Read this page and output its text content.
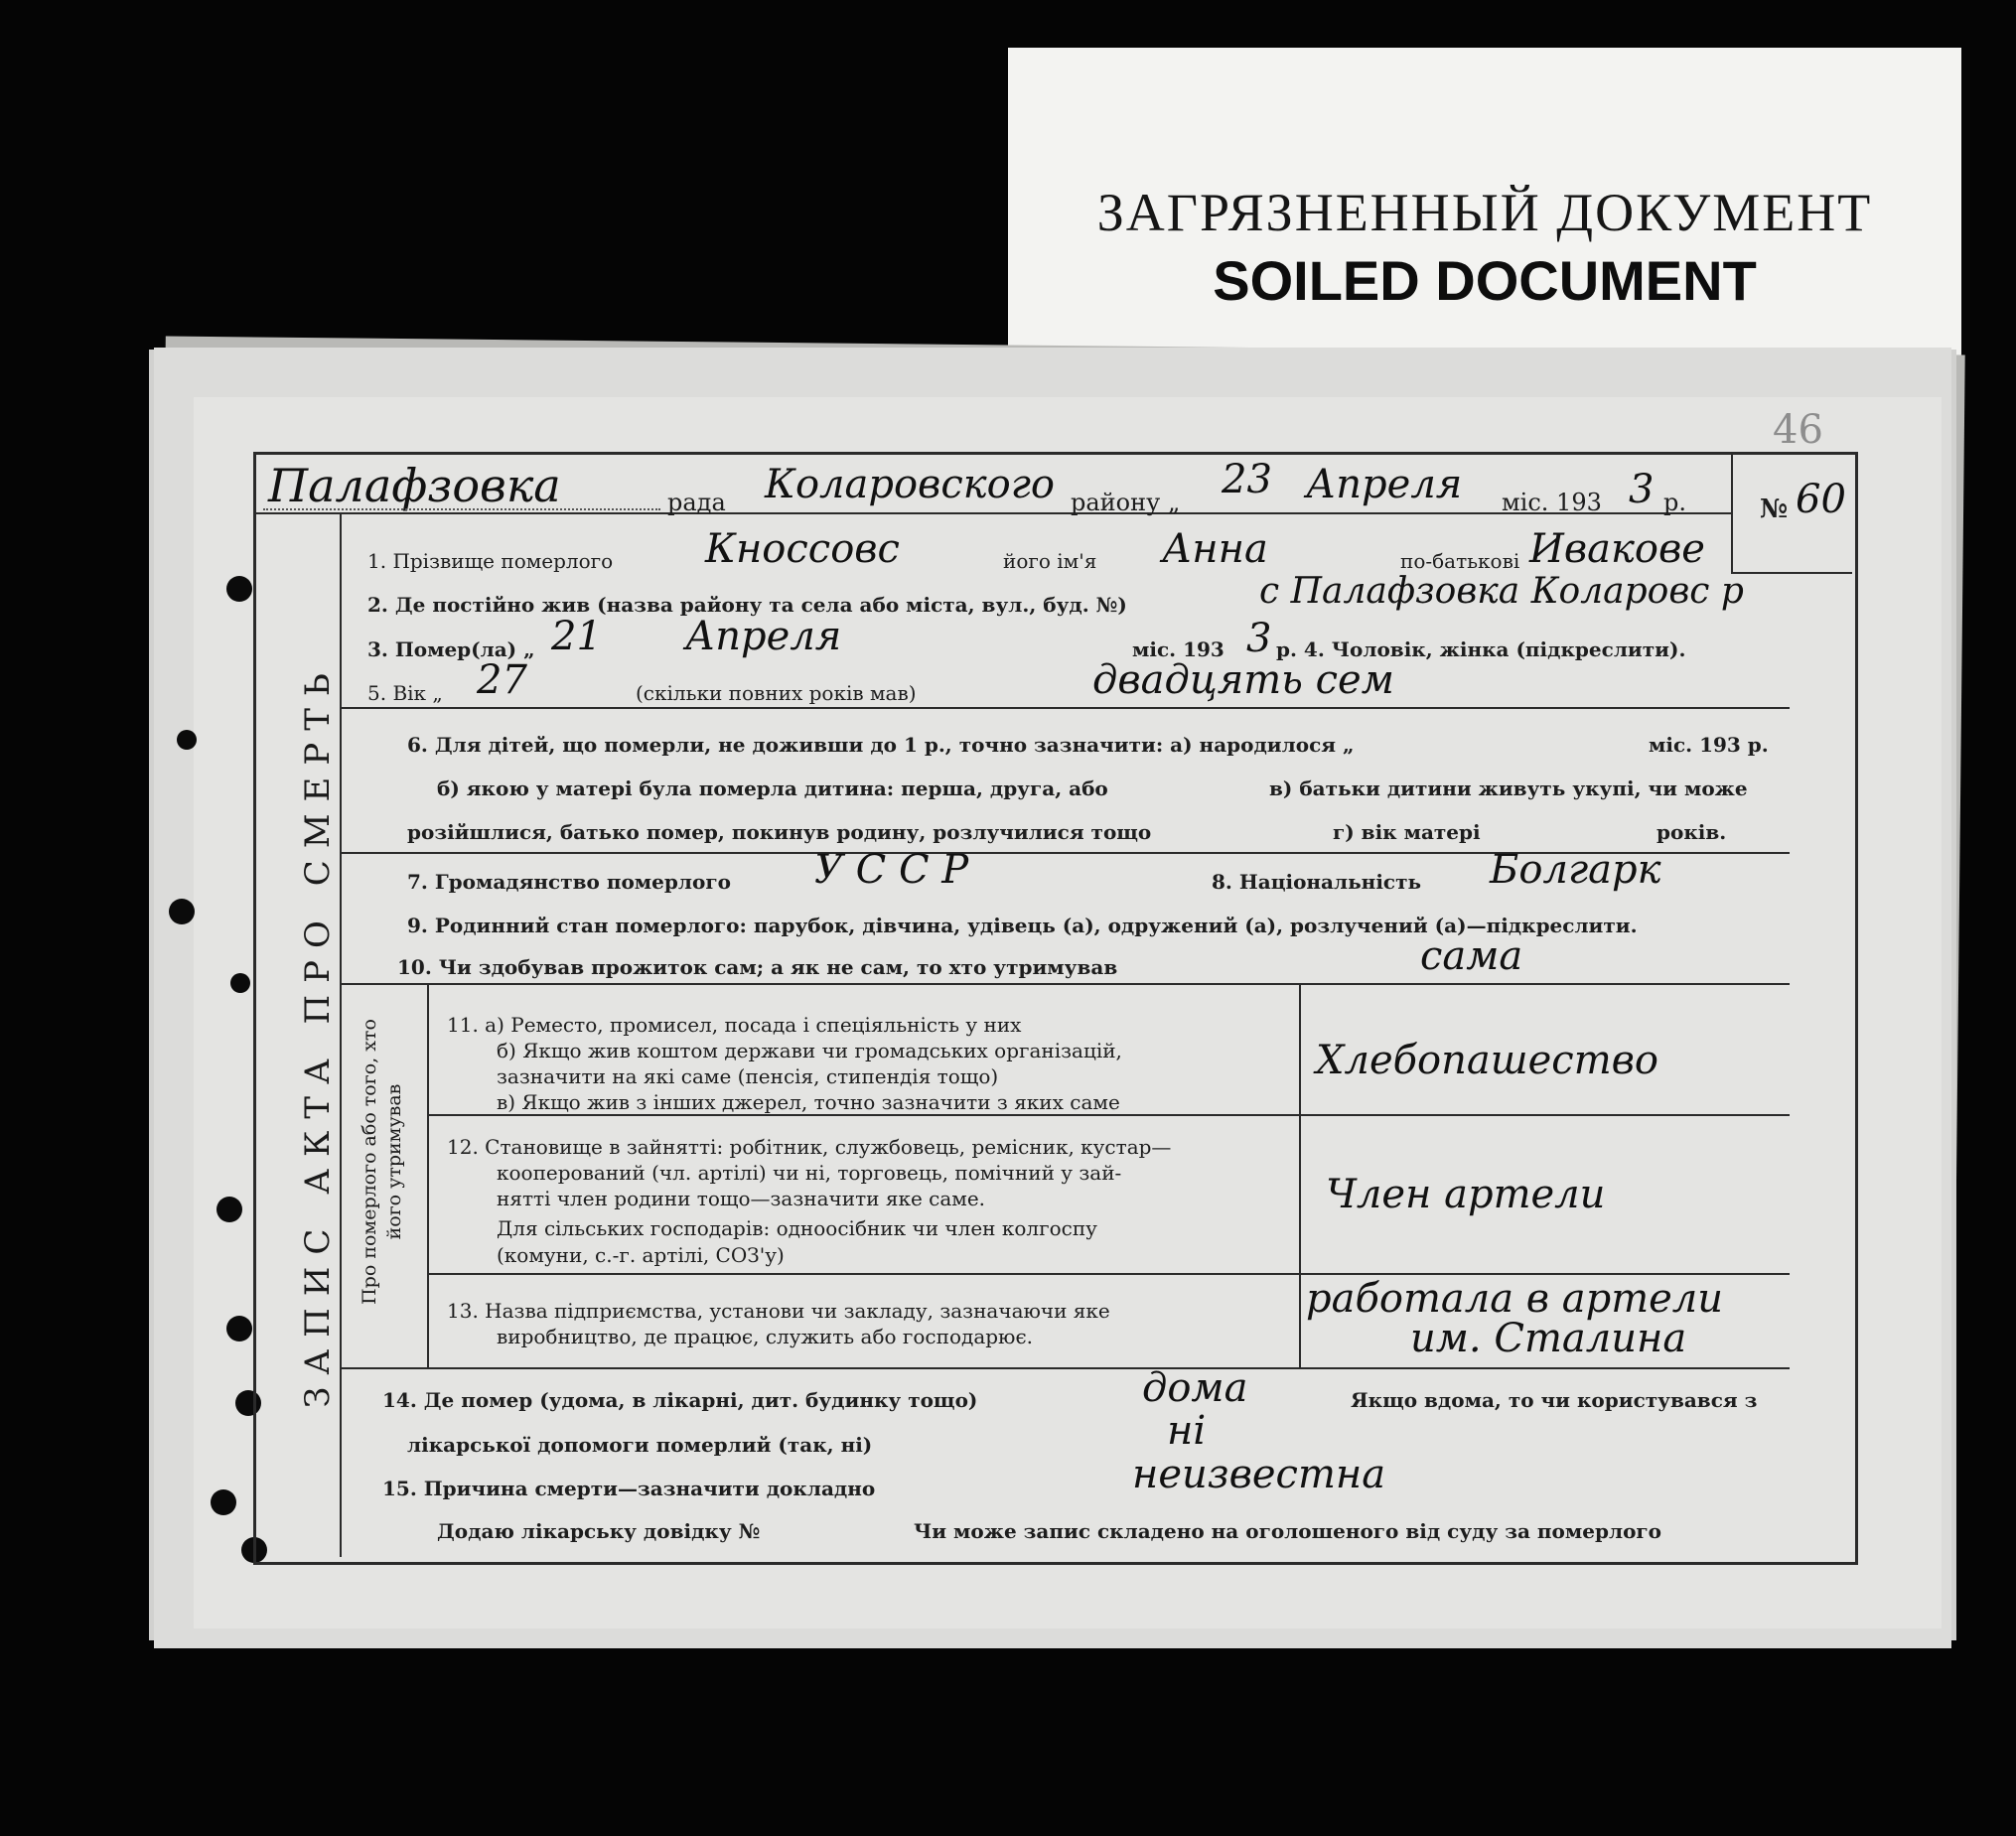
ЗАГРЯЗНЕННЫЙ ДОКУМЕНТ
SOILED DOCUMENT
46
ЗАПИС АКТА ПРО СМЕРТЬ Про померлого або того, хто його утримував
Палафзовка	рада Коларовского району „ 23 Апреля міс. 193 3 р.	№ 60
1. Прізвище померлого Кноссовс	його ім'я Анна	по-батькові Ивакове
2. Де постійно жив (назва району та села або міста, вул., буд. №)	с Палафзовка Коларовс р
3. Помер(ла) „ 21 Апреля	міс. 193 3 р. 4. Чоловік, жінка (підкреслити).
5. Вік „ 27	(скільки повних років мав)	двадцять сем
6. Для дітей, що померли, не доживши до 1 р., точно зазначити: а) народилося „	міс. 193 р.
б) якою у матері була померла дитина: перша, друга, або	в) батьки дитини живуть укупі, чи може
розійшлися, батько помер, покинув родину, розлучилися тощо	г) вік матері	років.
7. Громадянство померлого У С С Р	8. Національність Болгарк
9. Родинний стан померлого: парубок, дівчина, удівець (а), одружений (а), розлучений (а)—підкреслити.
10. Чи здобував прожиток сам; а як не сам, то хто утримував	сама
11. а) Реместо, промисел, посада і спеціяльність у них
б) Якщо жив коштом держави чи громадських організацій,
зазначити на які саме (пенсія, стипендія тощо)
в) Якщо жив з інших джерел, точно зазначити з яких саме
Хлебопашество
12. Становище в зайнятті: робітник, службовець, ремісник, кустар—
кооперований (чл. артілі) чи ні, торговець, помічний у зай-
нятті член родини тощо—зазначити яке саме.
Для сільських господарів: одноосібник чи член колгоспу
(комуни, с.-г. артілі, СОЗ'у)
Член артели
13. Назва підприємства, установи чи закладу, зазначаючи яке
виробництво, де працює, служить або господарює.
работала в артели
им. Сталина
14. Де помер (удома, в лікарні, дит. будинку тощо)	дома	Якщо вдома, то чи користувався з
лікарської допомоги померлий (так, ні)	ні
15. Причина смерти—зазначити докладно	неизвестна
Додаю лікарську довідку №	Чи може запис складено на оголошеного від суду за померлого
